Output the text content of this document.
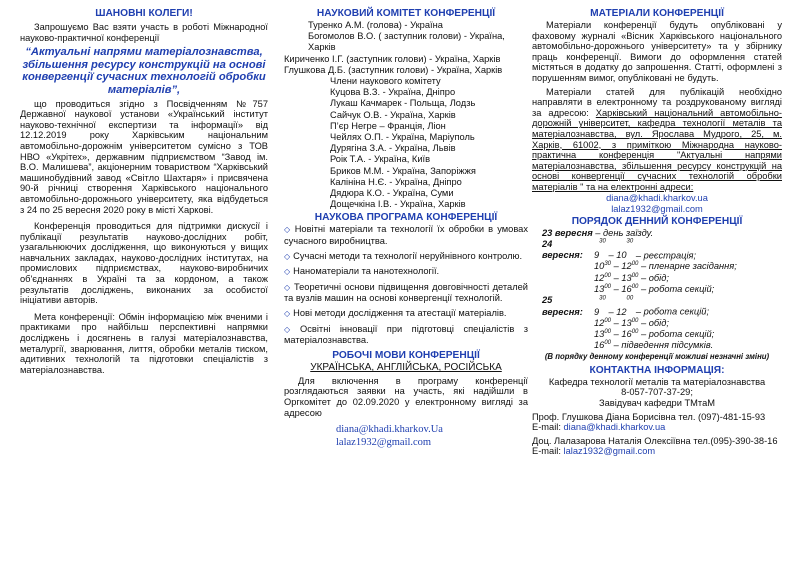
ШАНОВНІ КОЛЕГИ!

Запрошуємо Вас взяти участь в роботі Міжнародної науково-практичної конференції

“Актуальні напрями матеріалознавства, збільшення ресурсу конструкцій на основі конвергенції сучасних технологій обробки матеріалів”,

що проводиться згідно з Посвідченням №757 Державної наукової установи «Український інститут науково-технічної експертизи та інформації» від 12.12.2019 року Харківським національним автомобільно-дорожнім університетом сумісно з ТОВ НВО «Укрітех», державним підприємством “Завод ім. В.О. Малишева”, акціонерним товариством “Харківський машинобудівний завод «Світло Шахтаря» і присвячена 90-й річниці створення Харківського національного автомобільно-дорожнього університету, яка відбудеться з 24 по 25 вересня 2020 року в місті Харкові.

Конференція проводиться для підтримки дискусії і публікації результатів науково-дослідних робіт, узагальнюючих дослідження, що виконуються у вищих навчальних закладах, науково-дослідних інститутах, на промислових підприємствах, науково-виробничих об'єднаннях в Україні та за кордоном, а також результатів досліджень, виконаних за особистої ініціативи авторів.

Мета конференції: Обмін інформацією між вченими і практиками про найбільш перспективні напрямки досліджень і досягнень в галузі матеріалознавства, металургії, зварювання, лиття, обробки металів тиском, адитивних технологій та підготовки спеціалістів з матеріалознавства.

НАУКОВИЙ КОМІТЕТ КОНФЕРЕНЦІЇ

Туренко А.М. (голова) - Україна

Богомолов В.О. ( заступник голови) - Україна, Харків

Кириченко І.Г. (заступник голови) - Україна, Харків

Глушкова Д.Б. (заступник голови) - Україна, Харків

Члени наукового комітету

Куцова В.З. - Україна, Дніпро

Лукаш Качмарек - Польща, Лодзь

Сайчук О.В. - Україна, Харків

П’єр Негре – Франція, Ліон

Чейлях О.П. - Україна, Маріуполь

Дурягіна З.А. - Україна, Львів

Роік Т.А. - Україна, Київ

Бриков М.М. - Україна, Запоріжжя

Калініна Н.Є. - Україна, Дніпро

Дядюра К.О. - Україна, Суми

Дощечкіна І.В. - Україна, Харків

НАУКОВА ПРОГРАМА КОНФЕРЕНЦІЇ

◇ Новітні матеріали та технології їх обробки в умовах сучасного виробництва.

◇ Сучасні методи та технології неруйнівного контролю.

◇ Наноматеріали та нанотехнології.

◇ Теоретичні основи підвищення довговічності деталей та вузлів машин на основі конвергенції технологій.

◇ Нові методи дослідження та атестації матеріалів.

◇ Освітні інновації при підготовці спеціалістів з матеріалознавства.

РОБОЧІ МОВИ КОНФЕРЕНЦІЇ

УКРАЇНСЬКА, АНГЛІЙСЬКА, РОСІЙСЬКА

Для включення в програму конференції розглядаються заявки на участь, які надійшли в Оргкомітет до 02.09.2020 у електронному вигляді за адресою

diana@khadi.kharkov.Ua

lalaz1932@gmail.com

МАТЕРІАЛИ КОНФЕРЕНЦІЇ

Матеріали конференції будуть опубліковані у фаховому журналі «Вісник Харківського національного автомобільно-дорожнього університету» та у збірнику праць конференції. Вимоги до оформлення статей містяться в додатку до запрошення. Статті, оформлені з порушенням вимог, опубліковані не будуть.

Матеріали статей для публікацій необхідно направляти в електронному та роздрукованому вигляді за адресою: Харківський національний автомобільно-дорожній університет, кафедра технології металів та матеріалознавства, вул. Ярослава Мудрого, 25, м. Харків, 61002, з приміткою Міжнародна науково-практична конференція "Актуальні напрями матеріалознавства, збільшення ресурсу конструкцій на основі конвергенції сучасних технологій обробки матеріалів " та на електронні адреси:

diana@khadi.kharkov.ua

lalaz1932@gmail.com

ПОРЯДОК ДЕННИЙ КОНФЕРЕНЦІЇ

23 вересня – день заїзду.

24 вересня: $9^{30} - 10^{30}$ – реєстрація;

$10^{30} - 12^{00}$ – пленарне засідання;

$12^{00} - 13^{00}$ – обід;

$13^{00} - 16^{00}$ – робота секцій;

25 вересня: $9^{30} - 12^{00}$ – робота секцій;

$12^{00} - 13^{00}$ – обід;

$13^{00} - 16^{00}$ – робота секцій;

$16^{00}$ – підведення підсумків.

(В порядку денному конференції можливі незначні зміни)

КОНТАКТНА ІНФОРМАЦІЯ:

Кафедра технології металів та матеріалознавства

8-057-707-37-29;

Завідувач кафедри ТМтаМ

Проф. Глушкова Діана Борисівна тел. (097)-481-15-93

E-mail: diana@khadi.kharkov.ua

Доц. Лалазарова Наталія Олексіївна тел.(095)-390-38-16

E-mail: lalaz1932@gmail.com
